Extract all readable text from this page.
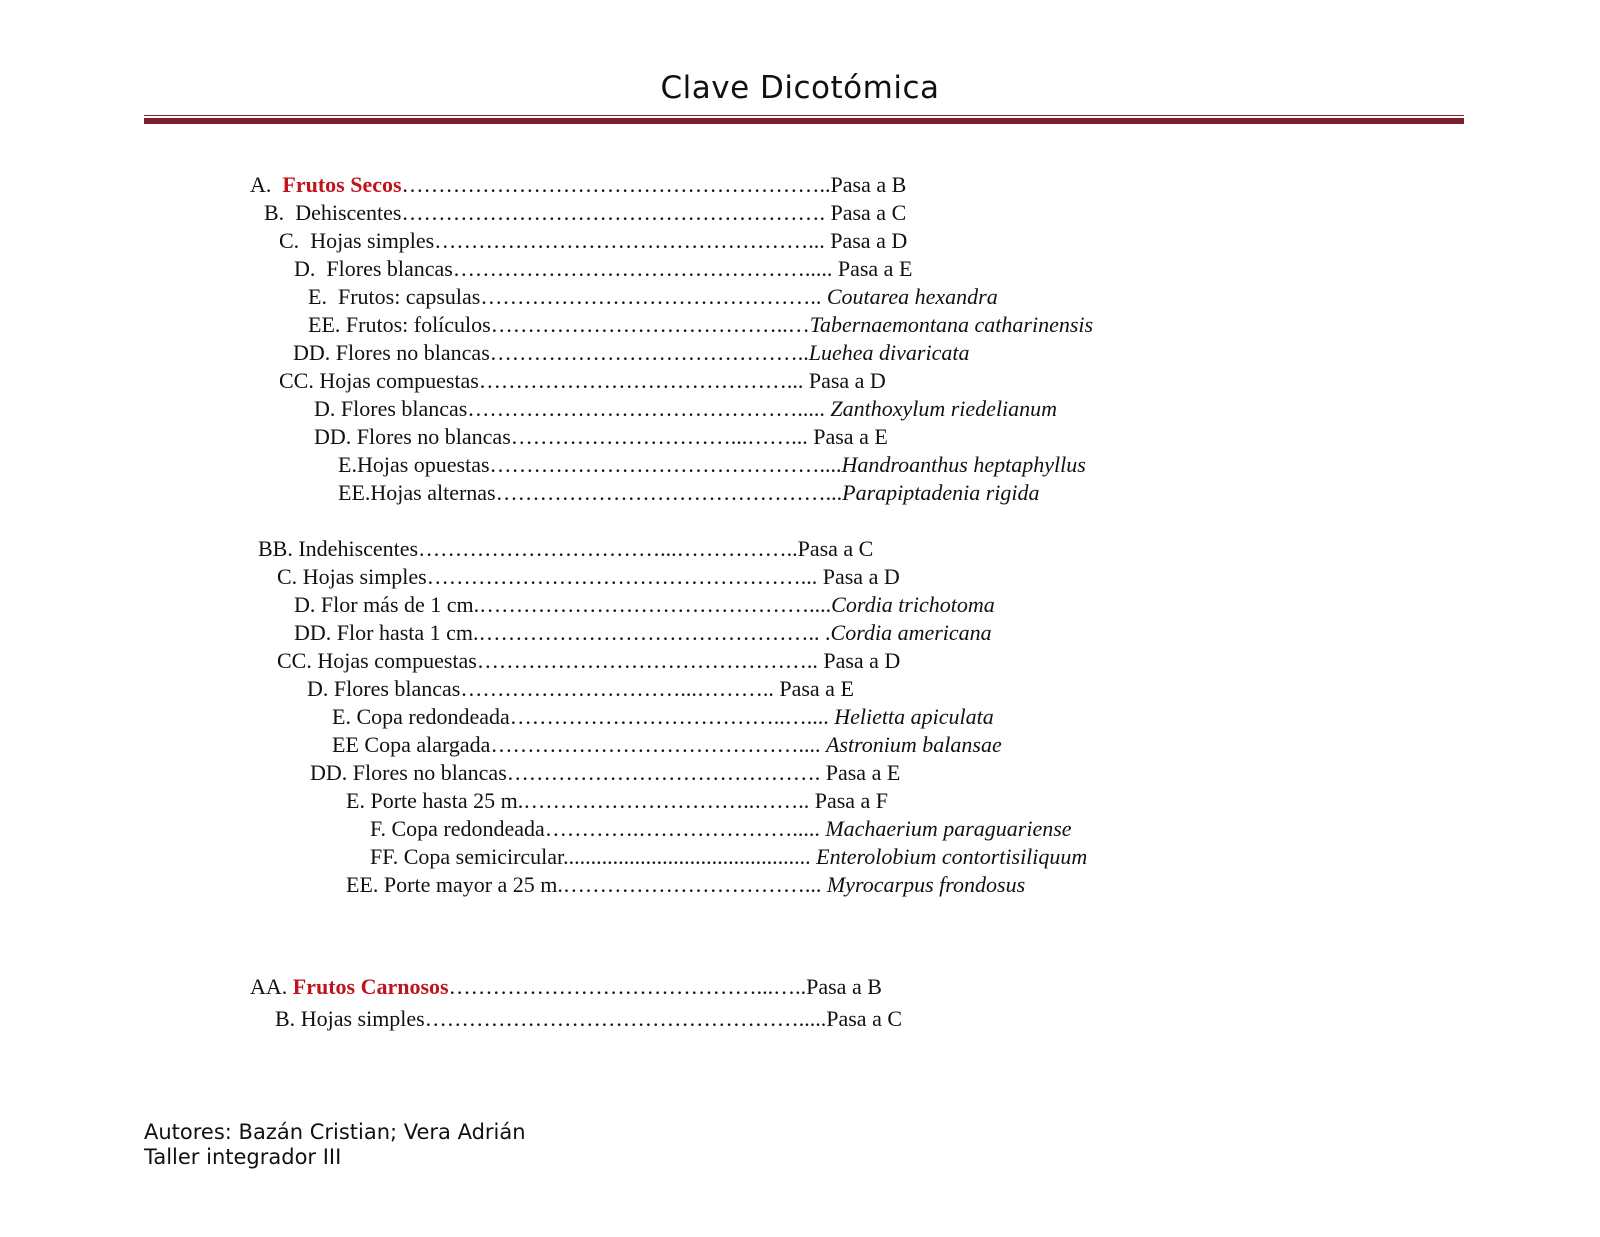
Clave Dicotómica
A. Frutos Secos…………………………………………………..Pasa a B
B. Dehiscentes…………………………………………………. Pasa a C
C. Hojas simples……………………………………………... Pasa a D
D. Flores blancas…………………………………………..... Pasa a E
E. Frutos: capsulas……………………………………….. Coutarea hexandra
EE. Frutos: folículos…………………………………..…Tabernaemontana catharinensis
DD. Flores no blancas……………………………………..Luehea divaricata
CC. Hojas compuestas……………………………………... Pasa a D
D. Flores blancas………………………………………..... Zanthoxylum riedelianum
DD. Flores no blancas…………………………...……... Pasa a E
E.Hojas opuestas………………………………………....Handroanthus heptaphyllus
EE.Hojas alternas………………………………………...Parapiptadenia rigida
BB. Indehiscentes……………………………...……………..Pasa a C
C. Hojas simples……………………………………………... Pasa a D
D. Flor más de 1 cm.………………………………………....Cordia trichotoma
DD. Flor hasta 1 cm.……………………………………….. .Cordia americana
CC. Hojas compuestas……………………………………….. Pasa a D
D. Flores blancas…………………………...……….. Pasa a E
E. Copa redondeada………………………………..….... Helietta apiculata
EE Copa alargada…………………………………….... Astronium balansae
DD. Flores no blancas……………………………………. Pasa a E
E. Porte hasta 25 m.…………………………..…….. Pasa a F
F. Copa redondeada………….…………………..... Machaerium paraguariense
FF. Copa semicircular............................................. Enterolobium contortisiliquum
EE. Porte mayor a 25 m.……………………………... Myrocarpus frondosus
AA. Frutos Carnosos……………………………………...…..Pasa a B
B. Hojas simples…………………………………………….....Pasa a C
Autores: Bazán Cristian; Vera Adrián
Taller integrador III
